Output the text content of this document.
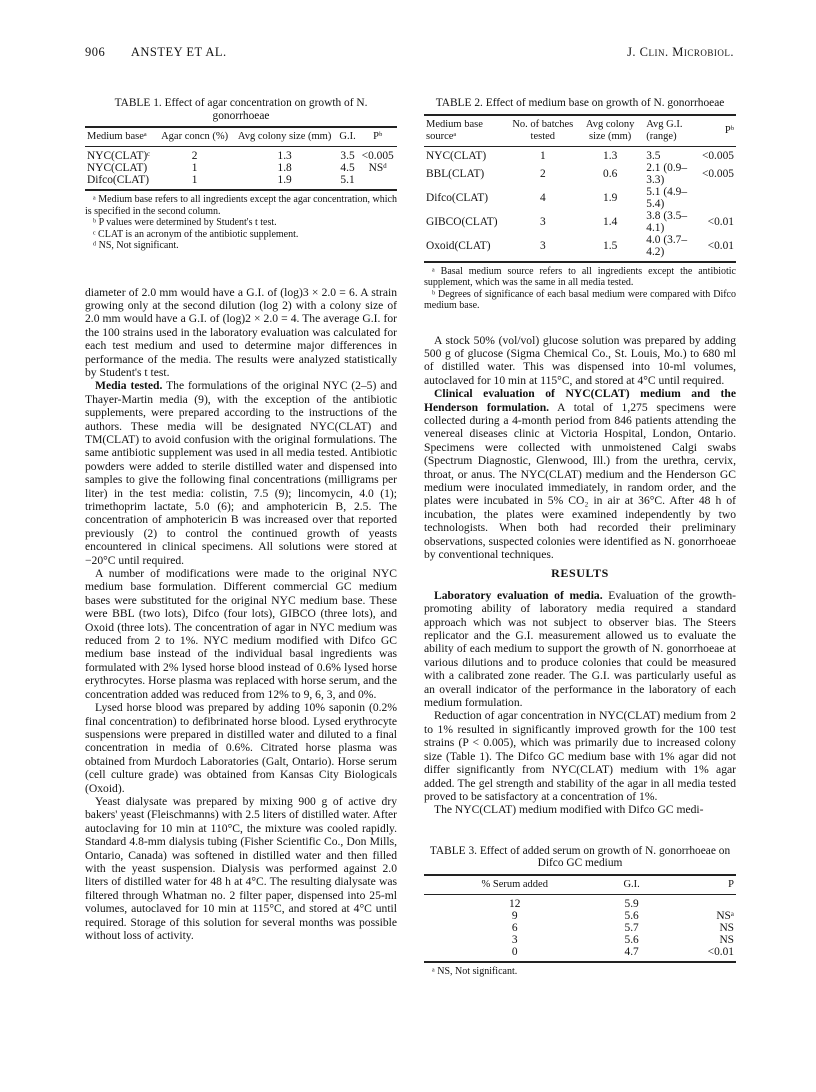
906 ANSTEY ET AL.	J. Clin. Microbiol.
TABLE 1. Effect of agar concentration on growth of N. gonorrhoeae
Medium baseᵃ	Agar concn (%)	Avg colony size (mm)	G.I.	Pᵇ
NYC(CLAT)ᶜ	2	1.3	3.5	<0.005
NYC(CLAT)	1	1.8	4.5	NSᵈ
Difco(CLAT)	1	1.9	5.1	
ᵃ Medium base refers to all ingredients except the agar concentration, which is specified in the second column.
ᵇ P values were determined by Student's t test.
ᶜ CLAT is an acronym of the antibiotic supplement.
ᵈ NS, Not significant.

diameter of 2.0 mm would have a G.I. of (log)3 × 2.0 = 6. A strain growing only at the second dilution (log 2) with a colony size of 2.0 mm would have a G.I. of (log)2 × 2.0 = 4. The average G.I. for the 100 strains used in the laboratory evaluation was calculated for each test medium and used to determine major differences in performance of the media. The results were analyzed statistically by Student's t test.

Media tested. The formulations of the original NYC (2–5) and Thayer-Martin media (9), with the exception of the antibiotic supplements, were prepared according to the instructions of the authors. These media will be designated NYC(CLAT) and TM(CLAT) to avoid confusion with the original formulations. The same antibiotic supplement was used in all media tested. Antibiotic powders were added to sterile distilled water and dispensed into samples to give the following final concentrations (milligrams per liter) in the test media: colistin, 7.5 (9); lincomycin, 4.0 (1); trimethoprim lactate, 5.0 (6); and amphotericin B, 2.5. The concentration of amphotericin B was increased over that reported previously (2) to control the continued growth of yeasts encountered in clinical specimens. All solutions were stored at −20°C until required.

A number of modifications were made to the original NYC medium base formulation. Different commercial GC medium bases were substituted for the original NYC medium base. These were BBL (two lots), Difco (four lots), GIBCO (three lots), and Oxoid (three lots). The concentration of agar in NYC medium was reduced from 2 to 1%. NYC medium modified with Difco GC medium base instead of the individual basal ingredients was formulated with 2% lysed horse blood instead of 0.6% lysed horse erythrocytes. Horse plasma was replaced with horse serum, and the concentration added was reduced from 12% to 9, 6, 3, and 0%.

Lysed horse blood was prepared by adding 10% saponin (0.2% final concentration) to defibrinated horse blood. Lysed erythrocyte suspensions were prepared in distilled water and diluted to a final concentration in media of 0.6%. Citrated horse plasma was obtained from Murdoch Laboratories (Galt, Ontario). Horse serum (cell culture grade) was obtained from Kansas City Biologicals (Oxoid).

Yeast dialysate was prepared by mixing 900 g of active dry bakers' yeast (Fleischmanns) with 2.5 liters of distilled water. After autoclaving for 10 min at 110°C, the mixture was cooled rapidly. Standard 4.8-mm dialysis tubing (Fisher Scientific Co., Don Mills, Ontario, Canada) was softened in distilled water and then filled with the yeast suspension. Dialysis was performed against 2.0 liters of distilled water for 48 h at 4°C. The resulting dialysate was filtered through Whatman no. 2 filter paper, dispensed into 25-ml volumes, autoclaved for 10 min at 115°C, and stored at 4°C until required. Storage of this solution for several months was possible without loss of activity.

TABLE 2. Effect of medium base on growth of N. gonorrhoeae
Medium base sourceᵃ	No. of batches tested	Avg colony size (mm)	Avg G.I. (range)	Pᵇ
NYC(CLAT)	1	1.3	3.5	<0.005
BBL(CLAT)	2	0.6	2.1 (0.9–3.3)	<0.005
Difco(CLAT)	4	1.9	5.1 (4.9–5.4)	
GIBCO(CLAT)	3	1.4	3.8 (3.5–4.1)	<0.01
Oxoid(CLAT)	3	1.5	4.0 (3.7–4.2)	<0.01
ᵃ Basal medium source refers to all ingredients except the antibiotic supplement, which was the same in all media tested.
ᵇ Degrees of significance of each basal medium were compared with Difco medium base.

A stock 50% (vol/vol) glucose solution was prepared by adding 500 g of glucose (Sigma Chemical Co., St. Louis, Mo.) to 680 ml of distilled water. This was dispensed into 10-ml volumes, autoclaved for 10 min at 115°C, and stored at 4°C until required.

Clinical evaluation of NYC(CLAT) medium and the Henderson formulation. A total of 1,275 specimens were collected during a 4-month period from 846 patients attending the venereal diseases clinic at Victoria Hospital, London, Ontario. Specimens were collected with unmoistened Calgi swabs (Spectrum Diagnostic, Glenwood, Ill.) from the urethra, cervix, throat, or anus. The NYC(CLAT) medium and the Henderson GC medium were inoculated immediately, in random order, and the plates were incubated in 5% CO₂ in air at 36°C. After 48 h of incubation, the plates were examined independently by two technologists. When both had recorded their preliminary observations, suspected colonies were identified as N. gonorrhoeae by conventional techniques.

RESULTS

Laboratory evaluation of media. Evaluation of the growth-promoting ability of laboratory media required a standard approach which was not subject to observer bias. The Steers replicator and the G.I. measurement allowed us to evaluate the ability of each medium to support the growth of N. gonorrhoeae at various dilutions and to produce colonies that could be measured with a calibrated zone reader. The G.I. was particularly useful as an overall indicator of the performance in the laboratory of each medium formulation.

Reduction of agar concentration in NYC(CLAT) medium from 2 to 1% resulted in significantly improved growth for the 100 test strains (P < 0.005), which was primarily due to increased colony size (Table 1). The Difco GC medium base with 1% agar did not differ significantly from NYC(CLAT) medium with 1% agar added. The gel strength and stability of the agar in all media tested proved to be satisfactory at a concentration of 1%.

The NYC(CLAT) medium modified with Difco GC medi-

TABLE 3. Effect of added serum on growth of N. gonorrhoeae on Difco GC medium
% Serum added	G.I.	P
12	5.9	
9	5.6	NSᵃ
6	5.7	NS
3	5.6	NS
0	4.7	<0.01
ᵃ NS, Not significant.
